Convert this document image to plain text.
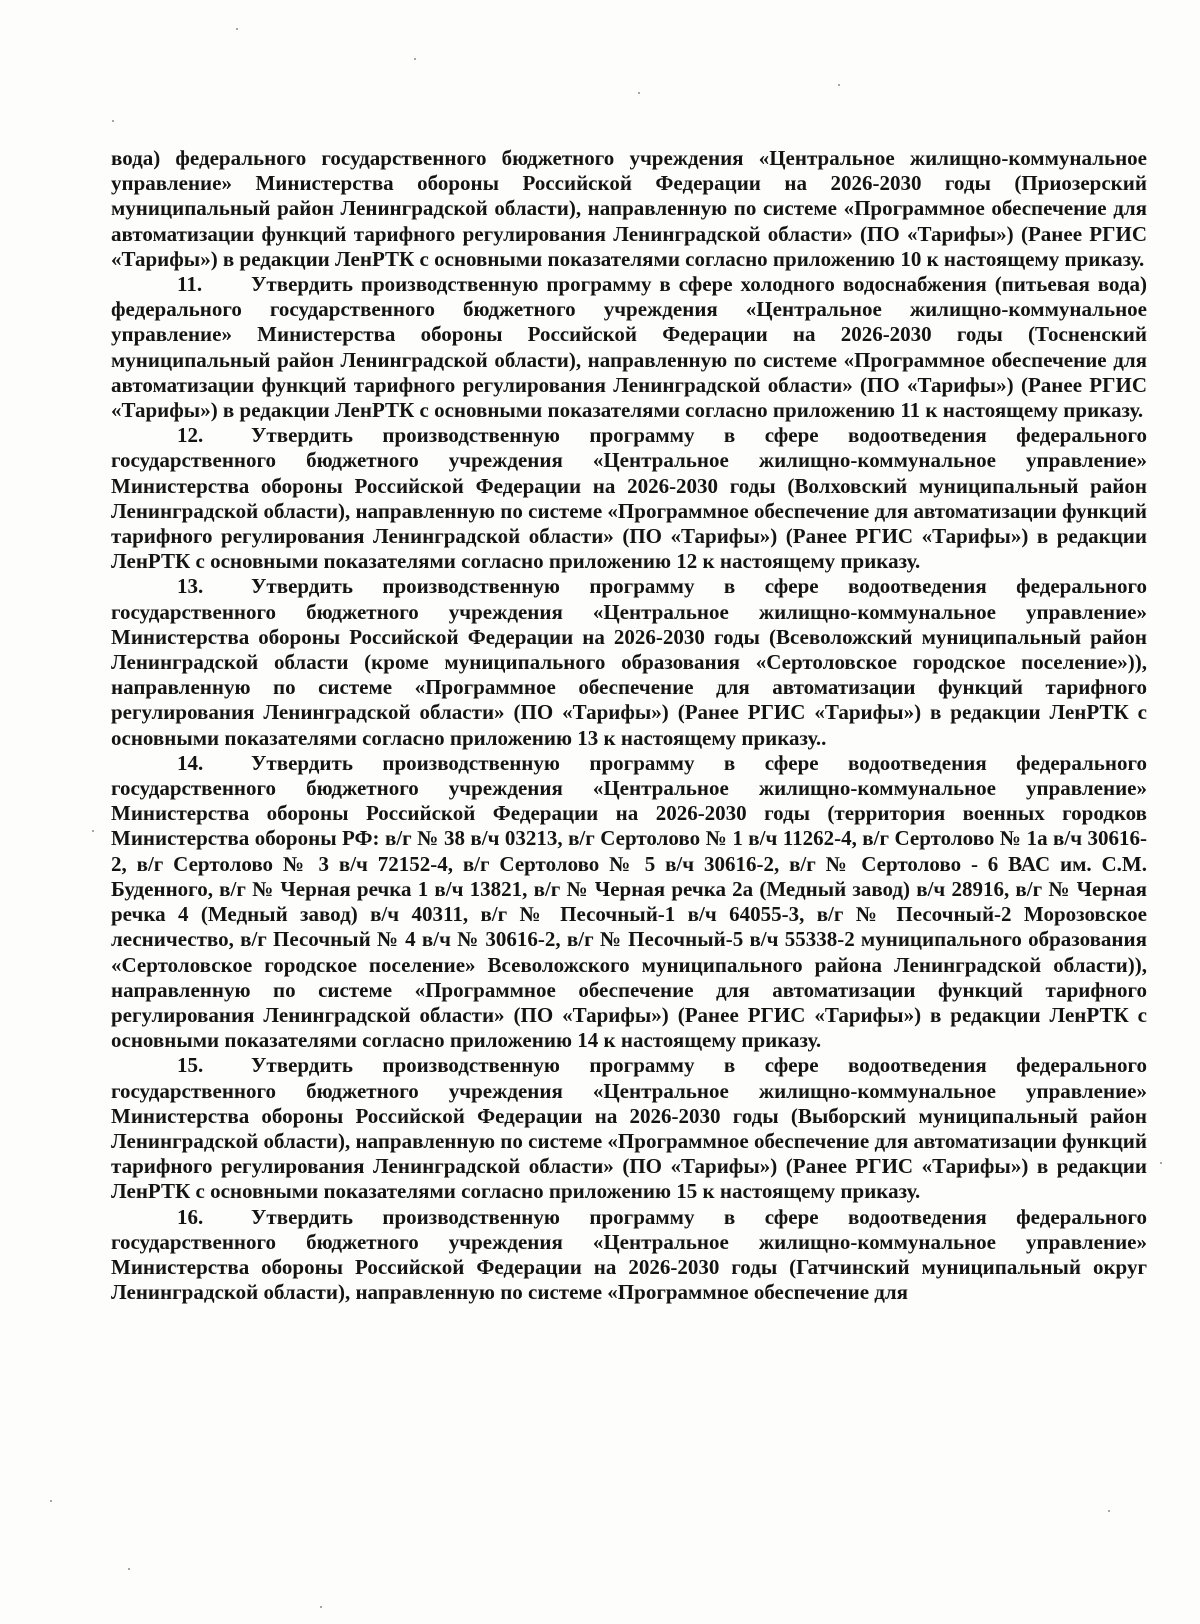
вода) федерального государственного бюджетного учреждения «Центральное жилищно-коммунальное управление» Министерства обороны Российской Федерации на 2026-2030 годы (Приозерский муниципальный район Ленинградской области), направленную по системе «Программное обеспечение для автоматизации функций тарифного регулирования Ленинградской области» (ПО «Тарифы») (Ранее РГИС «Тарифы») в редакции ЛенРТК с основными показателями согласно приложению 10 к настоящему приказу.

11. Утвердить производственную программу в сфере холодного водоснабжения (питьевая вода) федерального государственного бюджетного учреждения «Центральное жилищно-коммунальное управление» Министерства обороны Российской Федерации на 2026-2030 годы (Тосненский муниципальный район Ленинградской области), направленную по системе «Программное обеспечение для автоматизации функций тарифного регулирования Ленинградской области» (ПО «Тарифы») (Ранее РГИС «Тарифы») в редакции ЛенРТК с основными показателями согласно приложению 11 к настоящему приказу.

12. Утвердить производственную программу в сфере водоотведения федерального государственного бюджетного учреждения «Центральное жилищно-коммунальное управление» Министерства обороны Российской Федерации на 2026-2030 годы (Волховский муниципальный район Ленинградской области), направленную по системе «Программное обеспечение для автоматизации функций тарифного регулирования Ленинградской области» (ПО «Тарифы») (Ранее РГИС «Тарифы») в редакции ЛенРТК с основными показателями согласно приложению 12 к настоящему приказу.

13. Утвердить производственную программу в сфере водоотведения федерального государственного бюджетного учреждения «Центральное жилищно-коммунальное управление» Министерства обороны Российской Федерации на 2026-2030 годы (Всеволожский муниципальный район Ленинградской области (кроме муниципального образования «Сертоловское городское поселение»)), направленную по системе «Программное обеспечение для автоматизации функций тарифного регулирования Ленинградской области» (ПО «Тарифы») (Ранее РГИС «Тарифы») в редакции ЛенРТК с основными показателями согласно приложению 13 к настоящему приказу..

14. Утвердить производственную программу в сфере водоотведения федерального государственного бюджетного учреждения «Центральное жилищно-коммунальное управление» Министерства обороны Российской Федерации на 2026-2030 годы (территория военных городков Министерства обороны РФ: в/г № 38 в/ч 03213, в/г Сертолово № 1 в/ч 11262-4, в/г Сертолово № 1а в/ч 30616-2, в/г Сертолово № 3 в/ч 72152-4, в/г Сертолово № 5 в/ч 30616-2, в/г № Сертолово - 6 ВАС им. С.М. Буденного, в/г № Черная речка 1 в/ч 13821, в/г № Черная речка 2а (Медный завод) в/ч 28916, в/г № Черная речка 4 (Медный завод) в/ч 40311, в/г № Песочный-1 в/ч 64055-3, в/г № Песочный-2 Морозовское лесничество, в/г Песочный № 4 в/ч № 30616-2, в/г № Песочный-5 в/ч 55338-2 муниципального образования «Сертоловское городское поселение» Всеволожского муниципального района Ленинградской области)), направленную по системе «Программное обеспечение для автоматизации функций тарифного регулирования Ленинградской области» (ПО «Тарифы») (Ранее РГИС «Тарифы») в редакции ЛенРТК с основными показателями согласно приложению 14 к настоящему приказу.

15. Утвердить производственную программу в сфере водоотведения федерального государственного бюджетного учреждения «Центральное жилищно-коммунальное управление» Министерства обороны Российской Федерации на 2026-2030 годы (Выборский муниципальный район Ленинградской области), направленную по системе «Программное обеспечение для автоматизации функций тарифного регулирования Ленинградской области» (ПО «Тарифы») (Ранее РГИС «Тарифы») в редакции ЛенРТК с основными показателями согласно приложению 15 к настоящему приказу.

16. Утвердить производственную программу в сфере водоотведения федерального государственного бюджетного учреждения «Центральное жилищно-коммунальное управление» Министерства обороны Российской Федерации на 2026-2030 годы (Гатчинский муниципальный округ Ленинградской области), направленную по системе «Программное обеспечение для
